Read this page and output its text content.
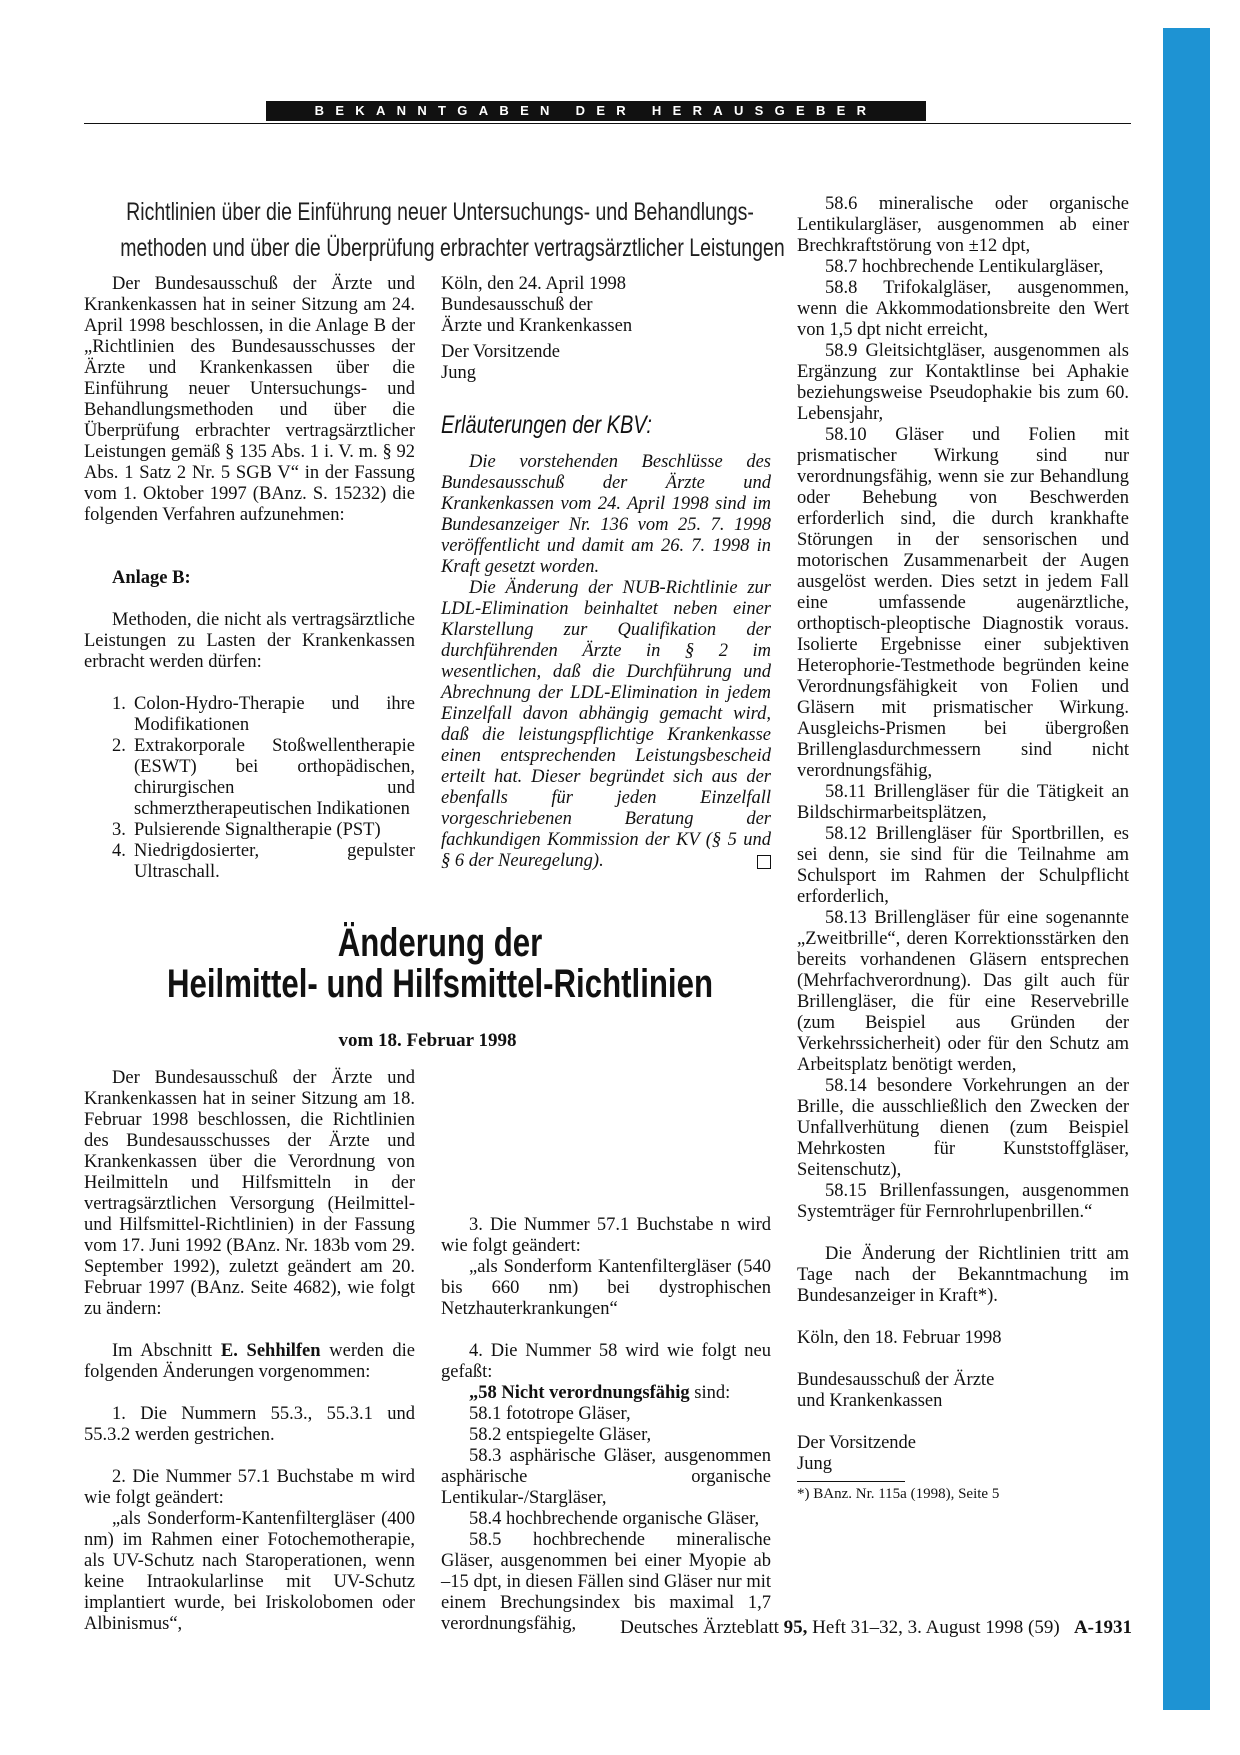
BEKANNTGABEN DER HERAUSGEBER
Richtlinien über die Einführung neuer Untersuchungs- und Behandlungs-
methoden und über die Überprüfung erbrachter vertragsärztlicher Leistungen

Der Bundesausschuß der Ärzte und Krankenkassen hat in seiner Sitzung am 24. April 1998 beschlossen, in die Anlage B der „Richtlinien des Bundesausschusses der Ärzte und Krankenkassen über die Einführung neuer Untersuchungs- und Behandlungsmethoden und über die Überprüfung erbrachter vertragsärztlicher Leistungen gemäß § 135 Abs. 1 i. V. m. § 92 Abs. 1 Satz 2 Nr. 5 SGB V“ in der Fassung vom 1. Oktober 1997 (BAnz. S. 15232) die folgenden Verfahren aufzunehmen:

Anlage B:

Methoden, die nicht als vertragsärztliche Leistungen zu Lasten der Krankenkassen erbracht werden dürfen:

1. Colon-Hydro-Therapie und ihre Modifikationen
2. Extrakorporale Stoßwellentherapie (ESWT) bei orthopädischen, chirurgischen und schmerztherapeutischen Indikationen
3. Pulsierende Signaltherapie (PST)
4. Niedrigdosierter, gepulster Ultraschall.

Köln, den 24. April 1998

Bundesausschuß der

Ärzte und Krankenkassen

Der Vorsitzende

Jung

Erläuterungen der KBV:

Die vorstehenden Beschlüsse des Bundesausschuß der Ärzte und Krankenkassen vom 24. April 1998 sind im Bundesanzeiger Nr. 136 vom 25. 7. 1998 veröffentlicht und damit am 26. 7. 1998 in Kraft gesetzt worden.

Die Änderung der NUB-Richtlinie zur LDL-Elimination beinhaltet neben einer Klarstellung zur Qualifikation der durchführenden Ärzte in § 2 im wesentlichen, daß die Durchführung und Abrechnung der LDL-Elimination in jedem Einzelfall davon abhängig gemacht wird, daß die leistungspflichtige Krankenkasse einen entsprechenden Leistungsbescheid erteilt hat. Dieser begründet sich aus der ebenfalls für jeden Einzelfall vorgeschriebenen Beratung der fachkundigen Kommission der KV (§ 5 und § 6 der Neuregelung).

Änderung der
Heilmittel- und Hilfsmittel-Richtlinien
vom 18. Februar 1998

Der Bundesausschuß der Ärzte und Krankenkassen hat in seiner Sitzung am 18. Februar 1998 beschlossen, die Richtlinien des Bundesausschusses der Ärzte und Krankenkassen über die Verordnung von Heilmitteln und Hilfsmitteln in der vertragsärztlichen Versorgung (Heilmittel- und Hilfsmittel-Richtlinien) in der Fassung vom 17. Juni 1992 (BAnz. Nr. 183b vom 29. September 1992), zuletzt geändert am 20. Februar 1997 (BAnz. Seite 4682), wie folgt zu ändern:

Im Abschnitt E. Sehhilfen werden die folgenden Änderungen vorgenommen:

1. Die Nummern 55.3., 55.3.1 und 55.3.2 werden gestrichen.

2. Die Nummer 57.1 Buchstabe m wird wie folgt geändert:

„als Sonderform-Kantenfiltergläser (400 nm) im Rahmen einer Fotochemotherapie, als UV-Schutz nach Staroperationen, wenn keine Intraokularlinse mit UV-Schutz implantiert wurde, bei Iriskolobomen oder Albinismus“,

3. Die Nummer 57.1 Buchstabe n wird wie folgt geändert:

„als Sonderform Kantenfiltergläser (540 bis 660 nm) bei dystrophischen Netzhauterkrankungen“

4. Die Nummer 58 wird wie folgt neu gefaßt:

„58 Nicht verordnungsfähig sind:

58.1 fototrope Gläser,

58.2 entspiegelte Gläser,

58.3 asphärische Gläser, ausgenommen asphärische organische Lentikular-/Stargläser,

58.4 hochbrechende organische Gläser,

58.5 hochbrechende mineralische Gläser, ausgenommen bei einer Myopie ab –15 dpt, in diesen Fällen sind Gläser nur mit einem Brechungsindex bis maximal 1,7 verordnungsfähig,

58.6 mineralische oder organische Lentikulargläser, ausgenommen ab einer Brechkraftstörung von ±12 dpt,

58.7 hochbrechende Lentikulargläser,

58.8 Trifokalgläser, ausgenommen, wenn die Akkommodationsbreite den Wert von 1,5 dpt nicht erreicht,

58.9 Gleitsichtgläser, ausgenommen als Ergänzung zur Kontaktlinse bei Aphakie beziehungsweise Pseudophakie bis zum 60. Lebensjahr,

58.10 Gläser und Folien mit prismatischer Wirkung sind nur verordnungsfähig, wenn sie zur Behandlung oder Behebung von Beschwerden erforderlich sind, die durch krankhafte Störungen in der sensorischen und motorischen Zusammenarbeit der Augen ausgelöst werden. Dies setzt in jedem Fall eine umfassende augenärztliche, orthoptisch-pleoptische Diagnostik voraus. Isolierte Ergebnisse einer subjektiven Heterophorie-Testmethode begründen keine Verordnungsfähigkeit von Folien und Gläsern mit prismatischer Wirkung. Ausgleichs-Prismen bei übergroßen Brillenglasdurchmessern sind nicht verordnungsfähig,

58.11 Brillengläser für die Tätigkeit an Bildschirmarbeitsplätzen,

58.12 Brillengläser für Sportbrillen, es sei denn, sie sind für die Teilnahme am Schulsport im Rahmen der Schulpflicht erforderlich,

58.13 Brillengläser für eine sogenannte „Zweitbrille“, deren Korrektionsstärken den bereits vorhandenen Gläsern entsprechen (Mehrfachverordnung). Das gilt auch für Brillengläser, die für eine Reservebrille (zum Beispiel aus Gründen der Verkehrssicherheit) oder für den Schutz am Arbeitsplatz benötigt werden,

58.14 besondere Vorkehrungen an der Brille, die ausschließlich den Zwecken der Unfallverhütung dienen (zum Beispiel Mehrkosten für Kunststoffgläser, Seitenschutz),

58.15 Brillenfassungen, ausgenommen Systemträger für Fernrohrlupenbrillen.“

Die Änderung der Richtlinien tritt am Tage nach der Bekanntmachung im Bundesanzeiger in Kraft*).

Köln, den 18. Februar 1998

Bundesausschuß der Ärzte

und Krankenkassen

Der Vorsitzende

Jung

*) BAnz. Nr. 115a (1998), Seite 5

Deutsches Ärzteblatt 95, Heft 31–32, 3. August 1998 (59) A-1931
